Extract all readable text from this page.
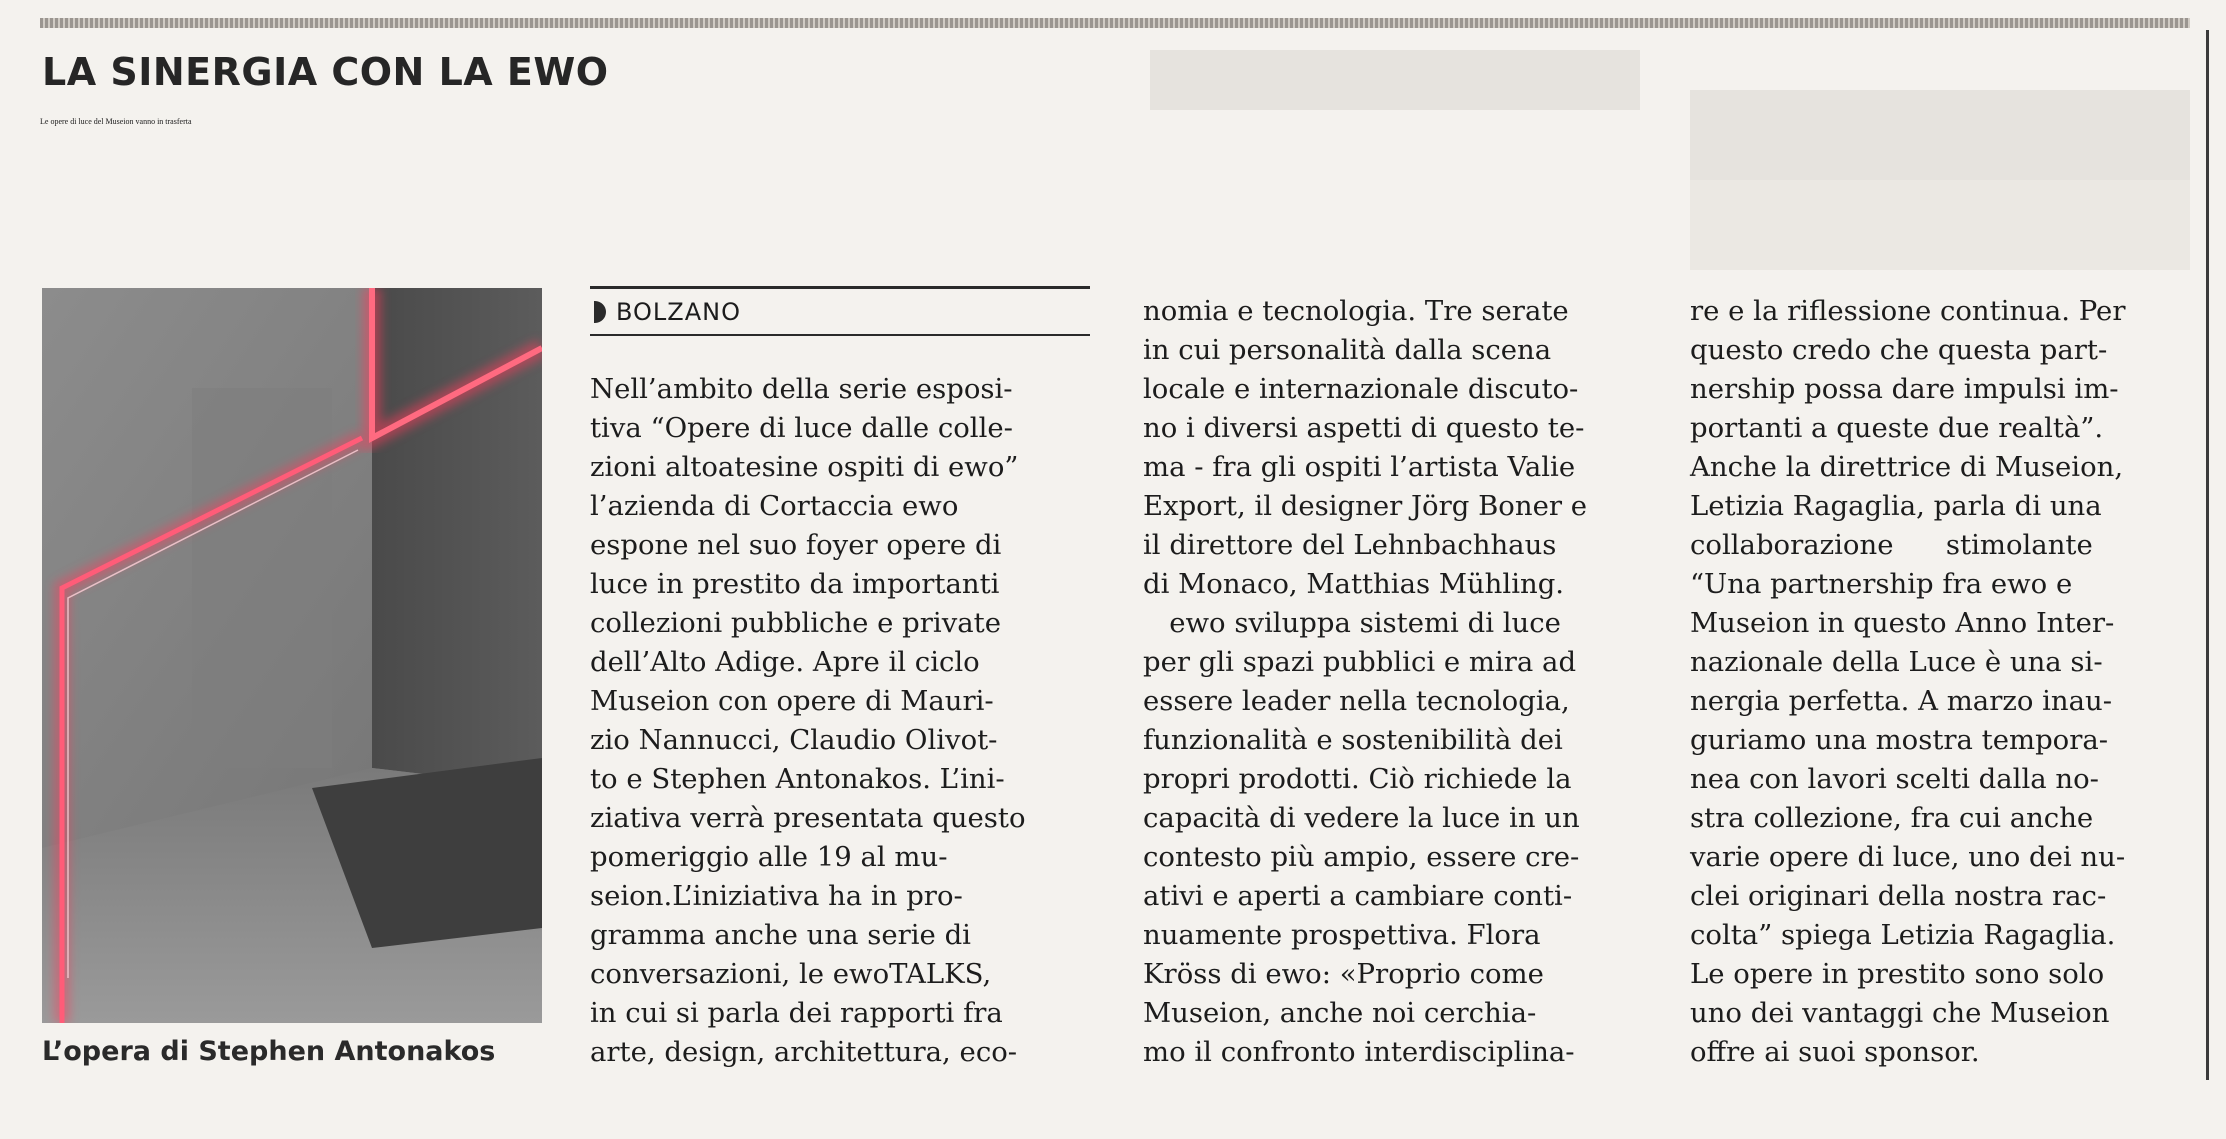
LA SINERGIA CON LA EWO
Le opere di luce del Museion vanno in trasferta
L’opera di Stephen Antonakos
BOLZANO
Nell’ambito della serie esposi-
tiva “Opere di luce dalle colle-
zioni altoatesine ospiti di ewo”
l’azienda di Cortaccia ewo
espone nel suo foyer opere di
luce in prestito da importanti
collezioni pubbliche e private
dell’Alto Adige. Apre il ciclo
Museion con opere di Mauri-
zio Nannucci, Claudio Olivot-
to e Stephen Antonakos. L’ini-
ziativa verrà presentata questo
pomeriggio alle 19 al mu-
seion.L’iniziativa ha in pro-
gramma anche una serie di
conversazioni, le ewoTALKS,
in cui si parla dei rapporti fra
arte, design, architettura, eco-
nomia e tecnologia. Tre serate
in cui personalità dalla scena
locale e internazionale discuto-
no i diversi aspetti di questo te-
ma - fra gli ospiti l’artista Valie
Export, il designer Jörg Boner e
il direttore del Lehnbachhaus
di Monaco, Matthias Mühling.
ewo sviluppa sistemi di luce
per gli spazi pubblici e mira ad
essere leader nella tecnologia,
funzionalità e sostenibilità dei
propri prodotti. Ciò richiede la
capacità di vedere la luce in un
contesto più ampio, essere cre-
ativi e aperti a cambiare conti-
nuamente prospettiva. Flora
Kröss di ewo: «Proprio come
Museion, anche noi cerchia-
mo il confronto interdisciplina-
re e la riflessione continua. Per
questo credo che questa part-
nership possa dare impulsi im-
portanti a queste due realtà”.
Anche la direttrice di Museion,
Letizia Ragaglia, parla di una
collaborazione      stimolante
“Una partnership fra ewo e
Museion in questo Anno Inter-
nazionale della Luce è una si-
nergia perfetta. A marzo inau-
guriamo una mostra tempora-
nea con lavori scelti dalla no-
stra collezione, fra cui anche
varie opere di luce, uno dei nu-
clei originari della nostra rac-
colta” spiega Letizia Ragaglia.
Le opere in prestito sono solo
uno dei vantaggi che Museion
offre ai suoi sponsor.
